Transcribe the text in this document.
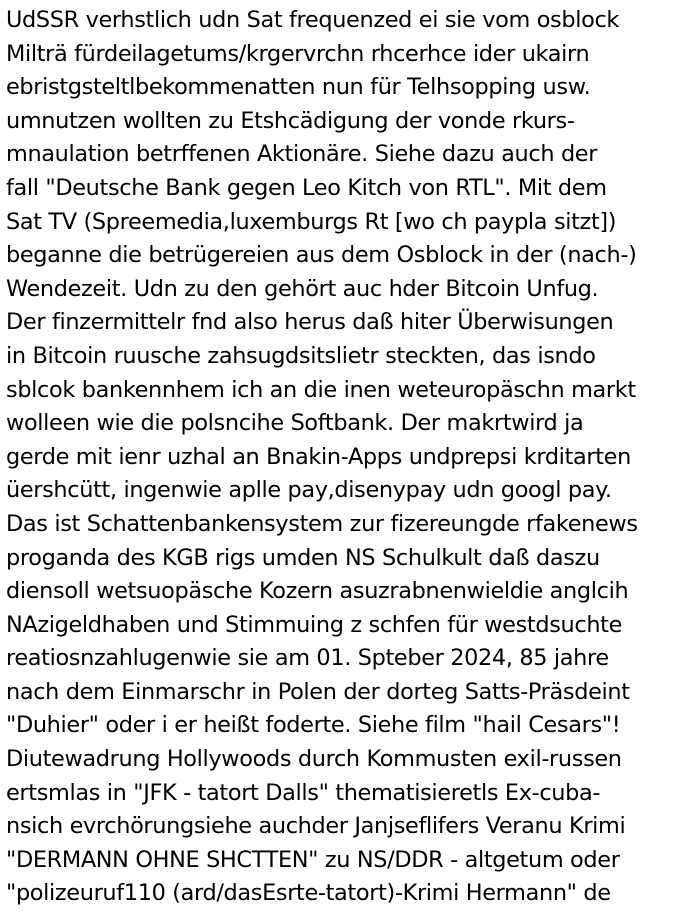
UdSSR verhstlich udn Sat frequenzed ei sie vom osblock
Milträ fürdeilagetums/krgervrchn rhcerhce ider ukairn
ebristgsteltlbekommenatten nun für Telhsopping usw.
umnutzen wollten zu Etshcädigung der vonde rkurs-
mnaulation betrffenen Aktionäre. Siehe dazu auch der
fall "Deutsche Bank gegen Leo Kitch von RTL". Mit dem
Sat TV (Spreemedia,luxemburgs Rt [wo ch paypla sitzt])
beganne die betrügereien aus dem Osblock in der (nach-)
Wendezeit. Udn zu den gehört auc hder Bitcoin Unfug.
Der finzermittelr fnd also herus daß hiter Überwisungen
in Bitcoin ruusche zahsugdsitslietr steckten, das isndo
sblcok bankennhem ich an die inen weteuropäschn markt
wolleen wie die polsncihe Softbank. Der makrtwird ja
gerde mit ienr uzhal an Bnakin-Apps undprepsi krditarten
üershcütt, ingenwie aplle pay,disenypay udn googl pay.
Das ist Schattenbankensystem zur fizereungde rfakenews
proganda des KGB rigs umden NS Schulkult daß daszu
diensoll wetsuopäsche Kozern asuzrabnenwieldie anglcih
NAzigeldhaben und Stimmuing z schfen für westdsuchte
reatiosnzahlugenwie sie am 01. Spteber 2024, 85 jahre
nach dem Einmarschr in Polen der dorteg Satts-Präsdeint
"Duhier" oder i er heißt foderte. Siehe film "hail Cesars"!
Diutewadrung Hollywoods durch Kommusten exil-russen
ertsmlas in "JFK - tatort Dalls" thematisieretls Ex-cuba-
nsich evrchörungsiehe auchder Janjseflifers Veranu Krimi
"DERMANN OHNE SHCTTEN" zu NS/DDR - altgetum oder
"polizeuruf110 (ard/dasEsrte-tatort)-Krimi Hermann" de
